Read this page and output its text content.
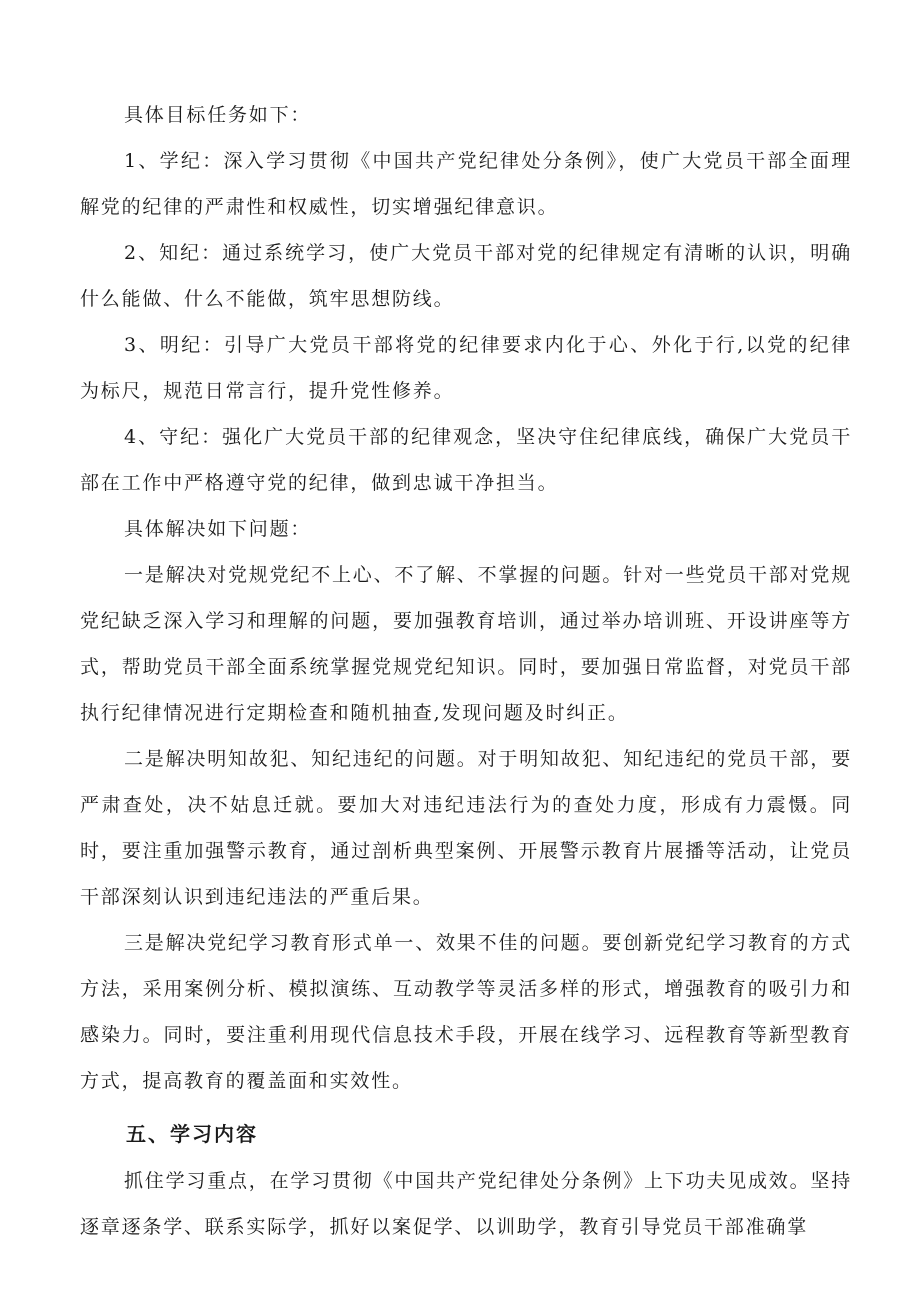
具体目标任务如下：

1、学纪：深入学习贯彻《中国共产党纪律处分条例》，使广大党员干部全面理解党的纪律的严肃性和权威性，切实增强纪律意识。

2、知纪：通过系统学习，使广大党员干部对党的纪律规定有清晰的认识，明确什么能做、什么不能做，筑牢思想防线。

3、明纪：引导广大党员干部将党的纪律要求内化于心、外化于行,以党的纪律为标尺，规范日常言行，提升党性修养。

4、守纪：强化广大党员干部的纪律观念，坚决守住纪律底线，确保广大党员干部在工作中严格遵守党的纪律，做到忠诚干净担当。

具体解决如下问题：

一是解决对党规党纪不上心、不了解、不掌握的问题。针对一些党员干部对党规党纪缺乏深入学习和理解的问题，要加强教育培训，通过举办培训班、开设讲座等方式，帮助党员干部全面系统掌握党规党纪知识。同时，要加强日常监督，对党员干部执行纪律情况进行定期检查和随机抽查,发现问题及时纠正。

二是解决明知故犯、知纪违纪的问题。对于明知故犯、知纪违纪的党员干部，要严肃查处，决不姑息迁就。要加大对违纪违法行为的查处力度，形成有力震慑。同时，要注重加强警示教育，通过剖析典型案例、开展警示教育片展播等活动，让党员干部深刻认识到违纪违法的严重后果。

三是解决党纪学习教育形式单一、效果不佳的问题。要创新党纪学习教育的方式方法，采用案例分析、模拟演练、互动教学等灵活多样的形式，增强教育的吸引力和感染力。同时，要注重利用现代信息技术手段，开展在线学习、远程教育等新型教育方式，提高教育的覆盖面和实效性。

五、学习内容

抓住学习重点，在学习贯彻《中国共产党纪律处分条例》上下功夫见成效。坚持逐章逐条学、联系实际学，抓好以案促学、以训助学，教育引导党员干部准确掌
